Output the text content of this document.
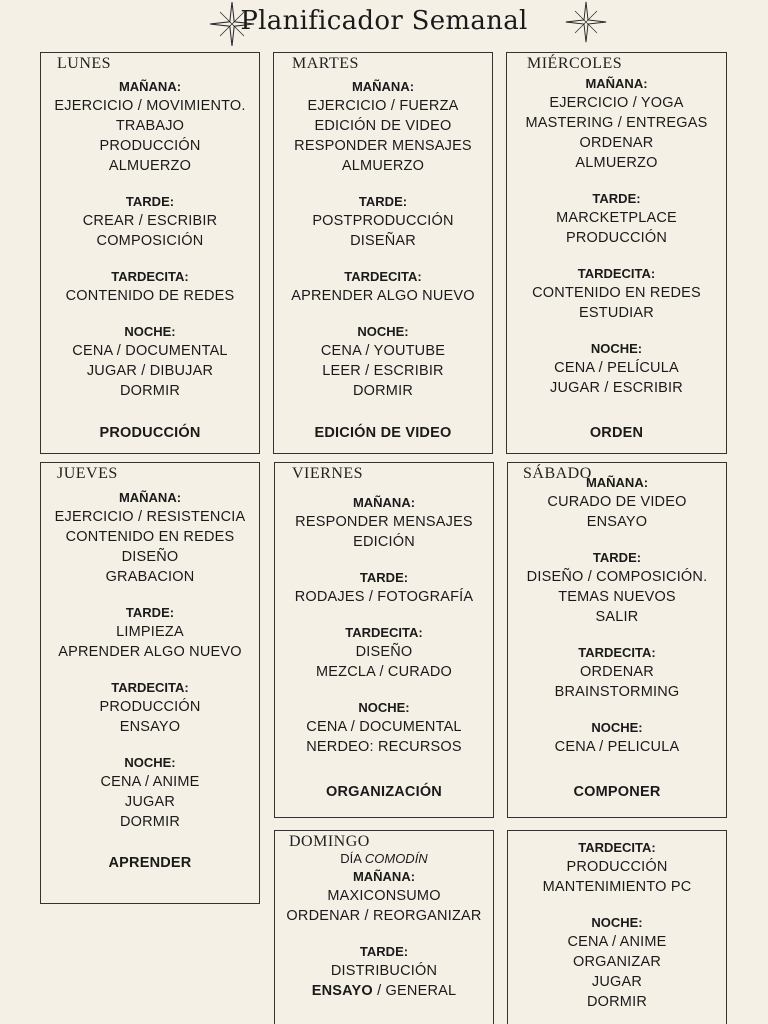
Planificador Semanal
LUNES
MAÑANA:
EJERCICIO / MOVIMIENTO.
TRABAJO
PRODUCCIÓN
ALMUERZO
TARDE:
CREAR / ESCRIBIR
COMPOSICIÓN
TARDECITA:
CONTENIDO DE REDES
NOCHE:
CENA / DOCUMENTAL
JUGAR / DIBUJAR
DORMIR
PRODUCCIÓN
MARTES
MAÑANA:
EJERCICIO / FUERZA
EDICIÓN DE VIDEO
RESPONDER MENSAJES
ALMUERZO
TARDE:
POSTPRODUCCIÓN
DISEÑAR
TARDECITA:
APRENDER ALGO NUEVO
NOCHE:
CENA / YOUTUBE
LEER / ESCRIBIR
DORMIR
EDICIÓN DE VIDEO
MIÉRCOLES
MAÑANA:
EJERCICIO / YOGA
MASTERING / ENTREGAS
ORDENAR
ALMUERZO
TARDE:
MARCKETPLACE
PRODUCCIÓN
TARDECITA:
CONTENIDO EN REDES
ESTUDIAR
NOCHE:
CENA / PELÍCULA
JUGAR / ESCRIBIR
ORDEN
JUEVES
MAÑANA:
EJERCICIO / RESISTENCIA
CONTENIDO EN REDES
DISEÑO
GRABACION
TARDE:
LIMPIEZA
APRENDER ALGO NUEVO
TARDECITA:
PRODUCCIÓN
ENSAYO
NOCHE:
CENA / ANIME
JUGAR
DORMIR
APRENDER
VIERNES
MAÑANA:
RESPONDER MENSAJES
EDICIÓN
TARDE:
RODAJES / FOTOGRAFÍA
TARDECITA:
DISEÑO
MEZCLA / CURADO
NOCHE:
CENA / DOCUMENTAL
NERDEO: RECURSOS
ORGANIZACIÓN
SÁBADO
MAÑANA:
CURADO DE VIDEO
ENSAYO
TARDE:
DISEÑO / COMPOSICIÓN.
TEMAS NUEVOS
SALIR
TARDECITA:
ORDENAR
BRAINSTORMING
NOCHE:
CENA / PELICULA
COMPONER
DOMINGO
DÍA COMODÍN
MAÑANA:
MAXICONSUMO
ORDENAR / REORGANIZAR
TARDE:
DISTRIBUCIÓN
ENSAYO / GENERAL
TARDECITA:
PRODUCCIÓN
MANTENIMIENTO PC
NOCHE:
CENA / ANIME
ORGANIZAR
JUGAR
DORMIR
